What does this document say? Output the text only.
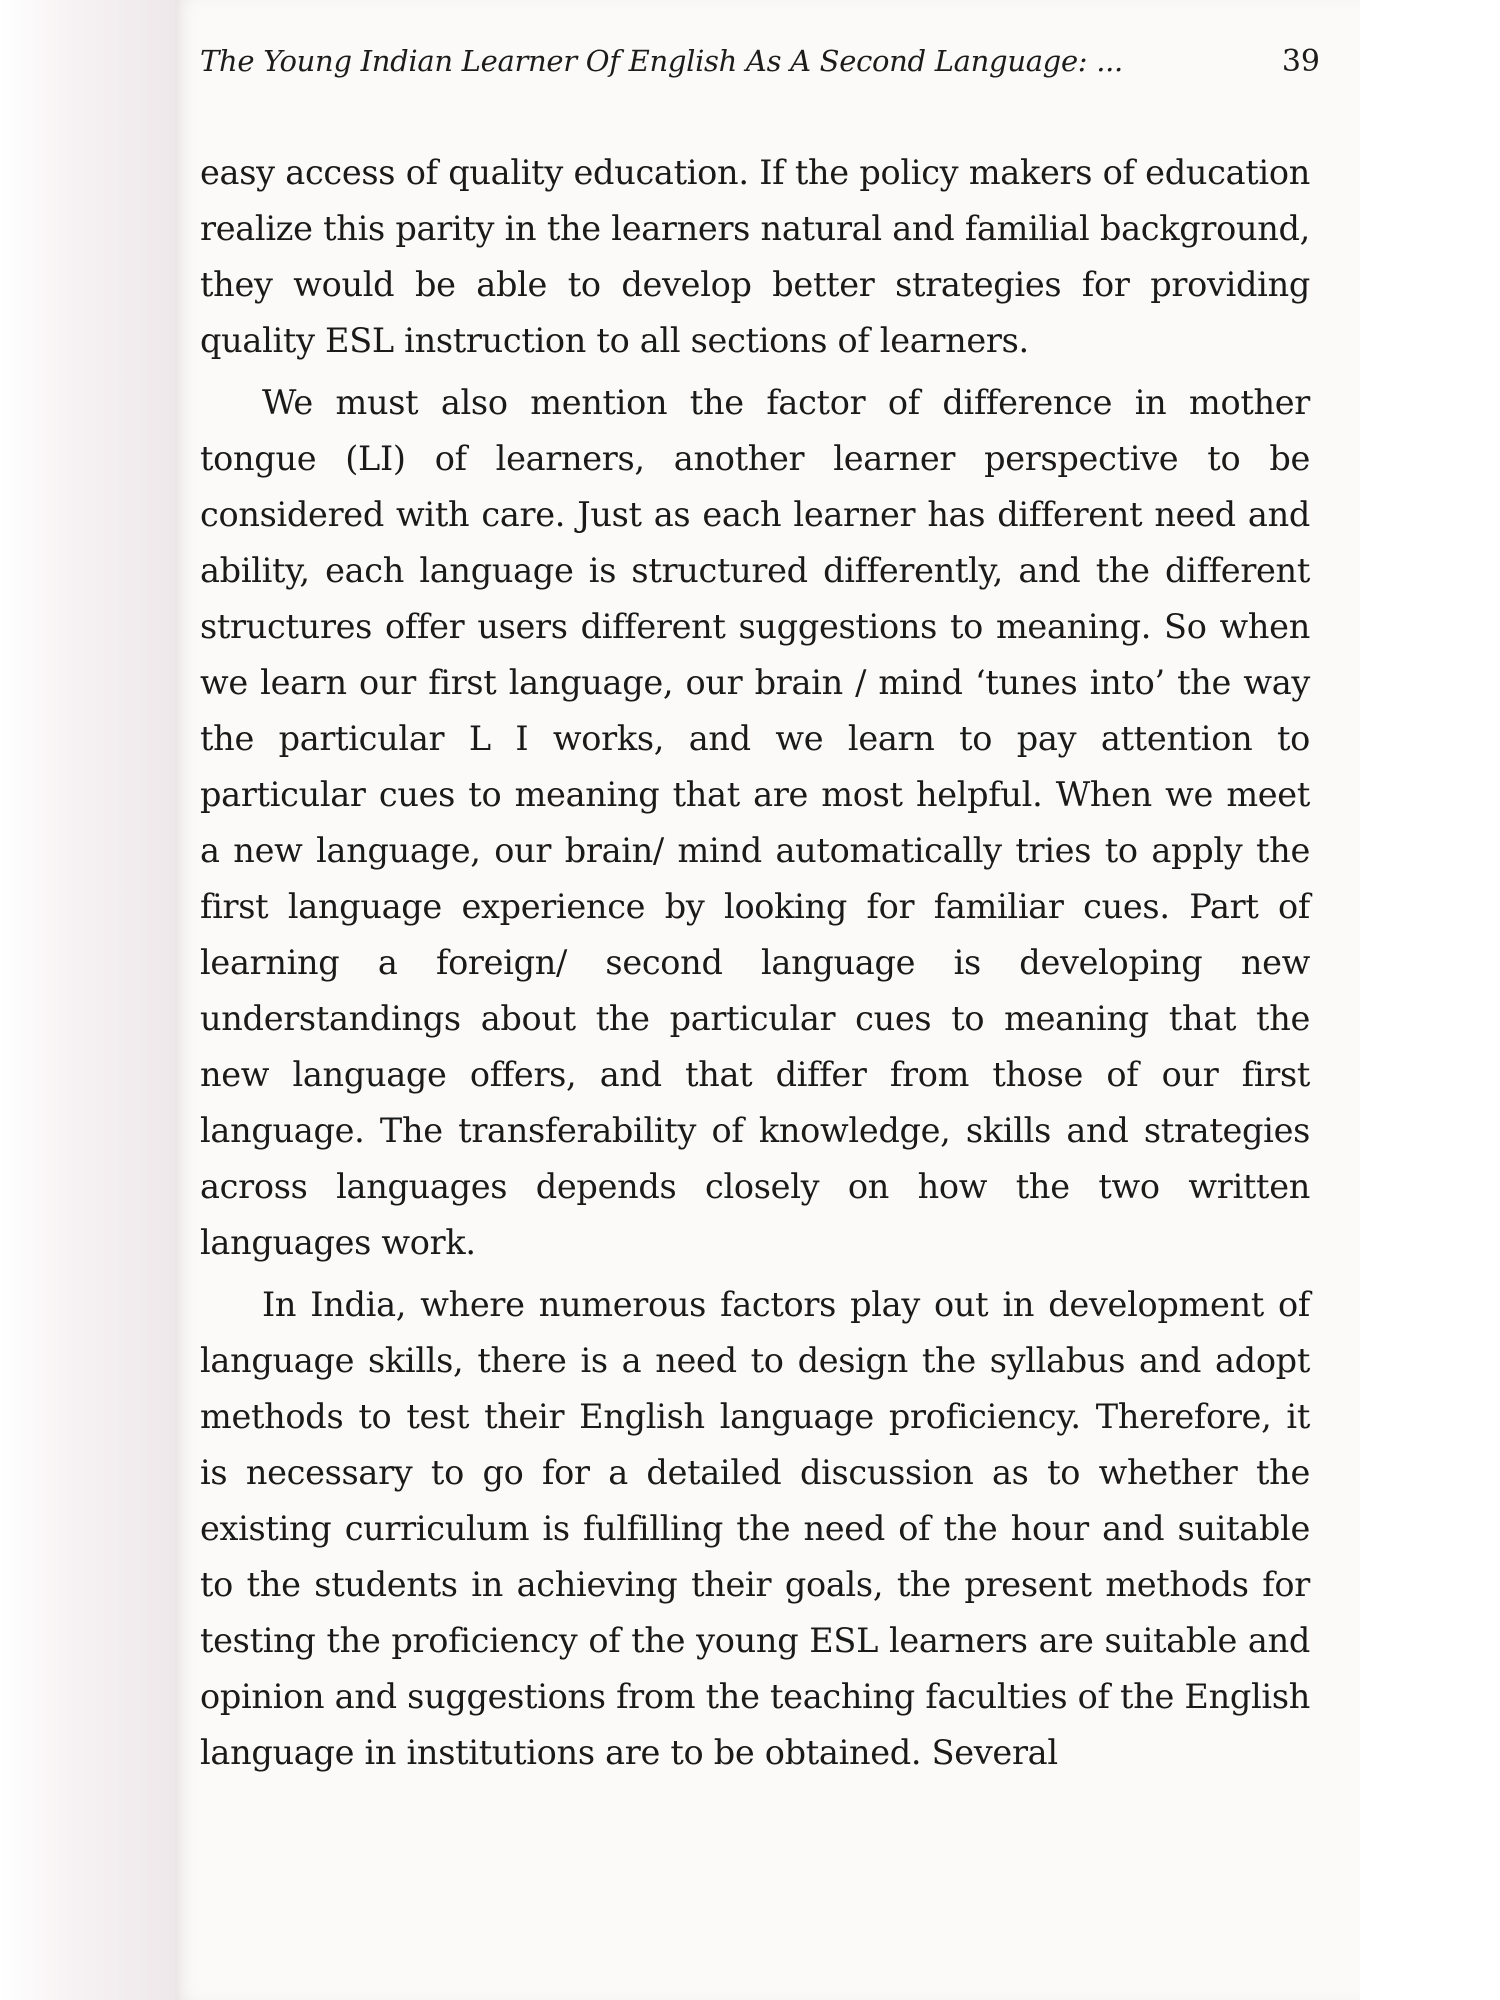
The Young Indian Learner Of English As A Second Language: ...	39

easy access of quality education. If the policy makers of education realize this parity in the learners natural and familial background, they would be able to develop better strategies for providing quality ESL instruction to all sections of learners.

We must also mention the factor of difference in mother tongue (LI) of learners, another learner perspective to be considered with care. Just as each learner has different need and ability, each language is structured differently, and the different structures offer users different suggestions to meaning. So when we learn our first language, our brain / mind ‘tunes into’ the way the particular L I works, and we learn to pay attention to particular cues to meaning that are most helpful. When we meet a new language, our brain/ mind automatically tries to apply the first language experience by looking for familiar cues. Part of learning a foreign/ second language is developing new understandings about the particular cues to meaning that the new language offers, and that differ from those of our first language. The transferability of knowledge, skills and strategies across languages depends closely on how the two written languages work.

In India, where numerous factors play out in development of language skills, there is a need to design the syllabus and adopt methods to test their English language proficiency. Therefore, it is necessary to go for a detailed discussion as to whether the existing curriculum is fulfilling the need of the hour and suitable to the students in achieving their goals, the present methods for testing the proficiency of the young ESL learners are suitable and opinion and suggestions from the teaching faculties of the English language in institutions are to be obtained. Several
